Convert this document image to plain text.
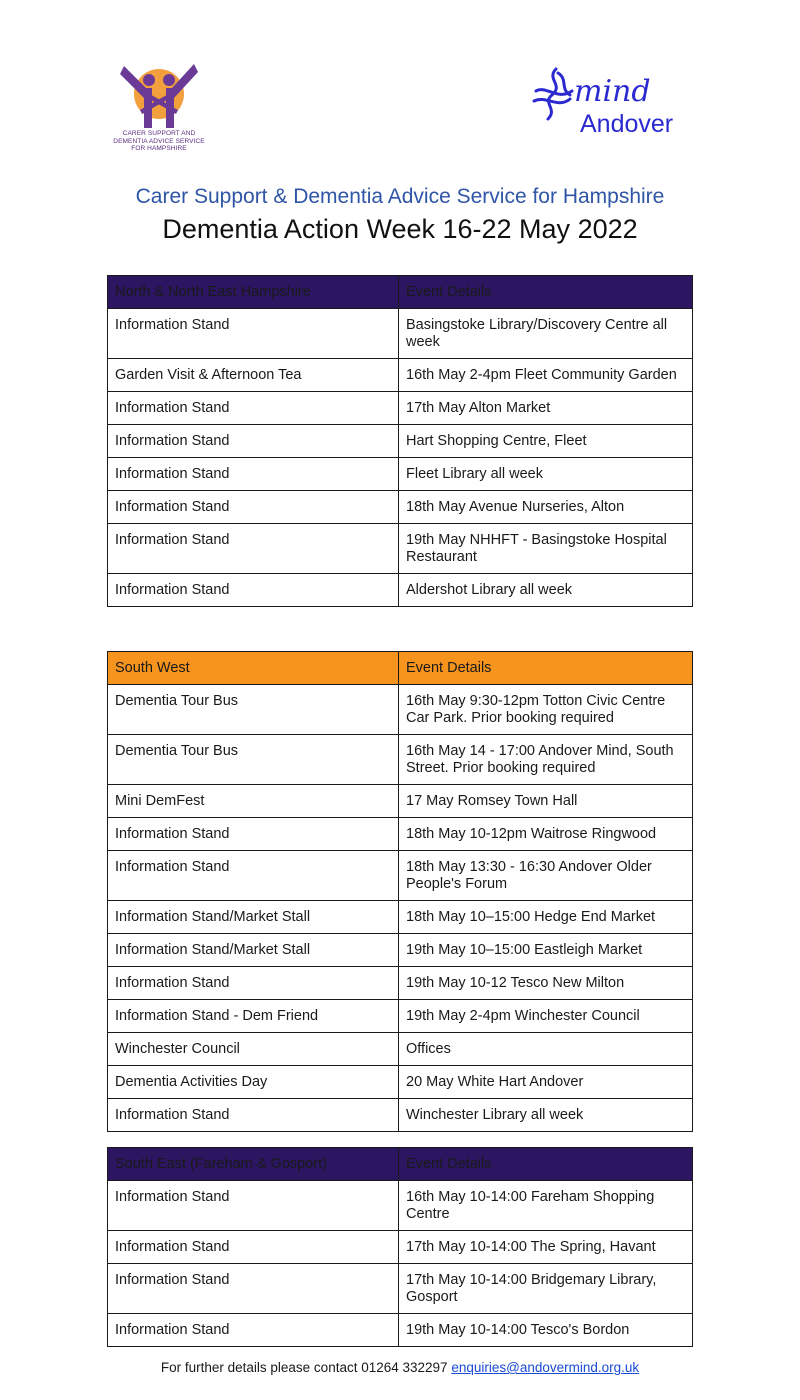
CARER SUPPORT AND
DEMENTIA ADVICE SERVICE
FOR HAMPSHIRE
mind
Andover
Carer Support & Dementia Advice Service for Hampshire
Dementia Action Week 16-22 May 2022
North & North East Hampshire	Event Details
Information Stand	Basingstoke Library/Discovery Centre all week
Garden Visit & Afternoon Tea	16th May 2-4pm Fleet Community Garden
Information Stand	17th May Alton Market
Information Stand	Hart Shopping Centre, Fleet
Information Stand	Fleet Library all week
Information Stand	18th May Avenue Nurseries, Alton
Information Stand	19th May NHHFT - Basingstoke Hospital Restaurant
Information Stand	Aldershot Library all week
South West	Event Details
Dementia Tour Bus	16th May 9:30-12pm Totton Civic Centre Car Park. Prior booking required
Dementia Tour Bus	16th May 14 - 17:00 Andover Mind, South Street. Prior booking required
Mini DemFest	17 May Romsey Town Hall
Information Stand	18th May 10-12pm Waitrose Ringwood
Information Stand	18th May 13:30 - 16:30 Andover Older People's Forum
Information Stand/Market Stall	18th May 10–15:00 Hedge End Market
Information Stand/Market Stall	19th May 10–15:00 Eastleigh Market
Information Stand	19th May 10-12 Tesco New Milton
Information Stand - Dem Friend	19th May 2-4pm Winchester Council
Winchester Council	Offices
Dementia Activities Day	20 May White Hart Andover
Information Stand	Winchester Library all week
South East (Fareham & Gosport)	Event Details
Information Stand	16th May 10-14:00 Fareham Shopping Centre
Information Stand	17th May 10-14:00 The Spring, Havant
Information Stand	17th May 10-14:00 Bridgemary Library, Gosport
Information Stand	19th May 10-14:00 Tesco's Bordon
For further details please contact 01264 332297 enquiries@andovermind.org.uk
